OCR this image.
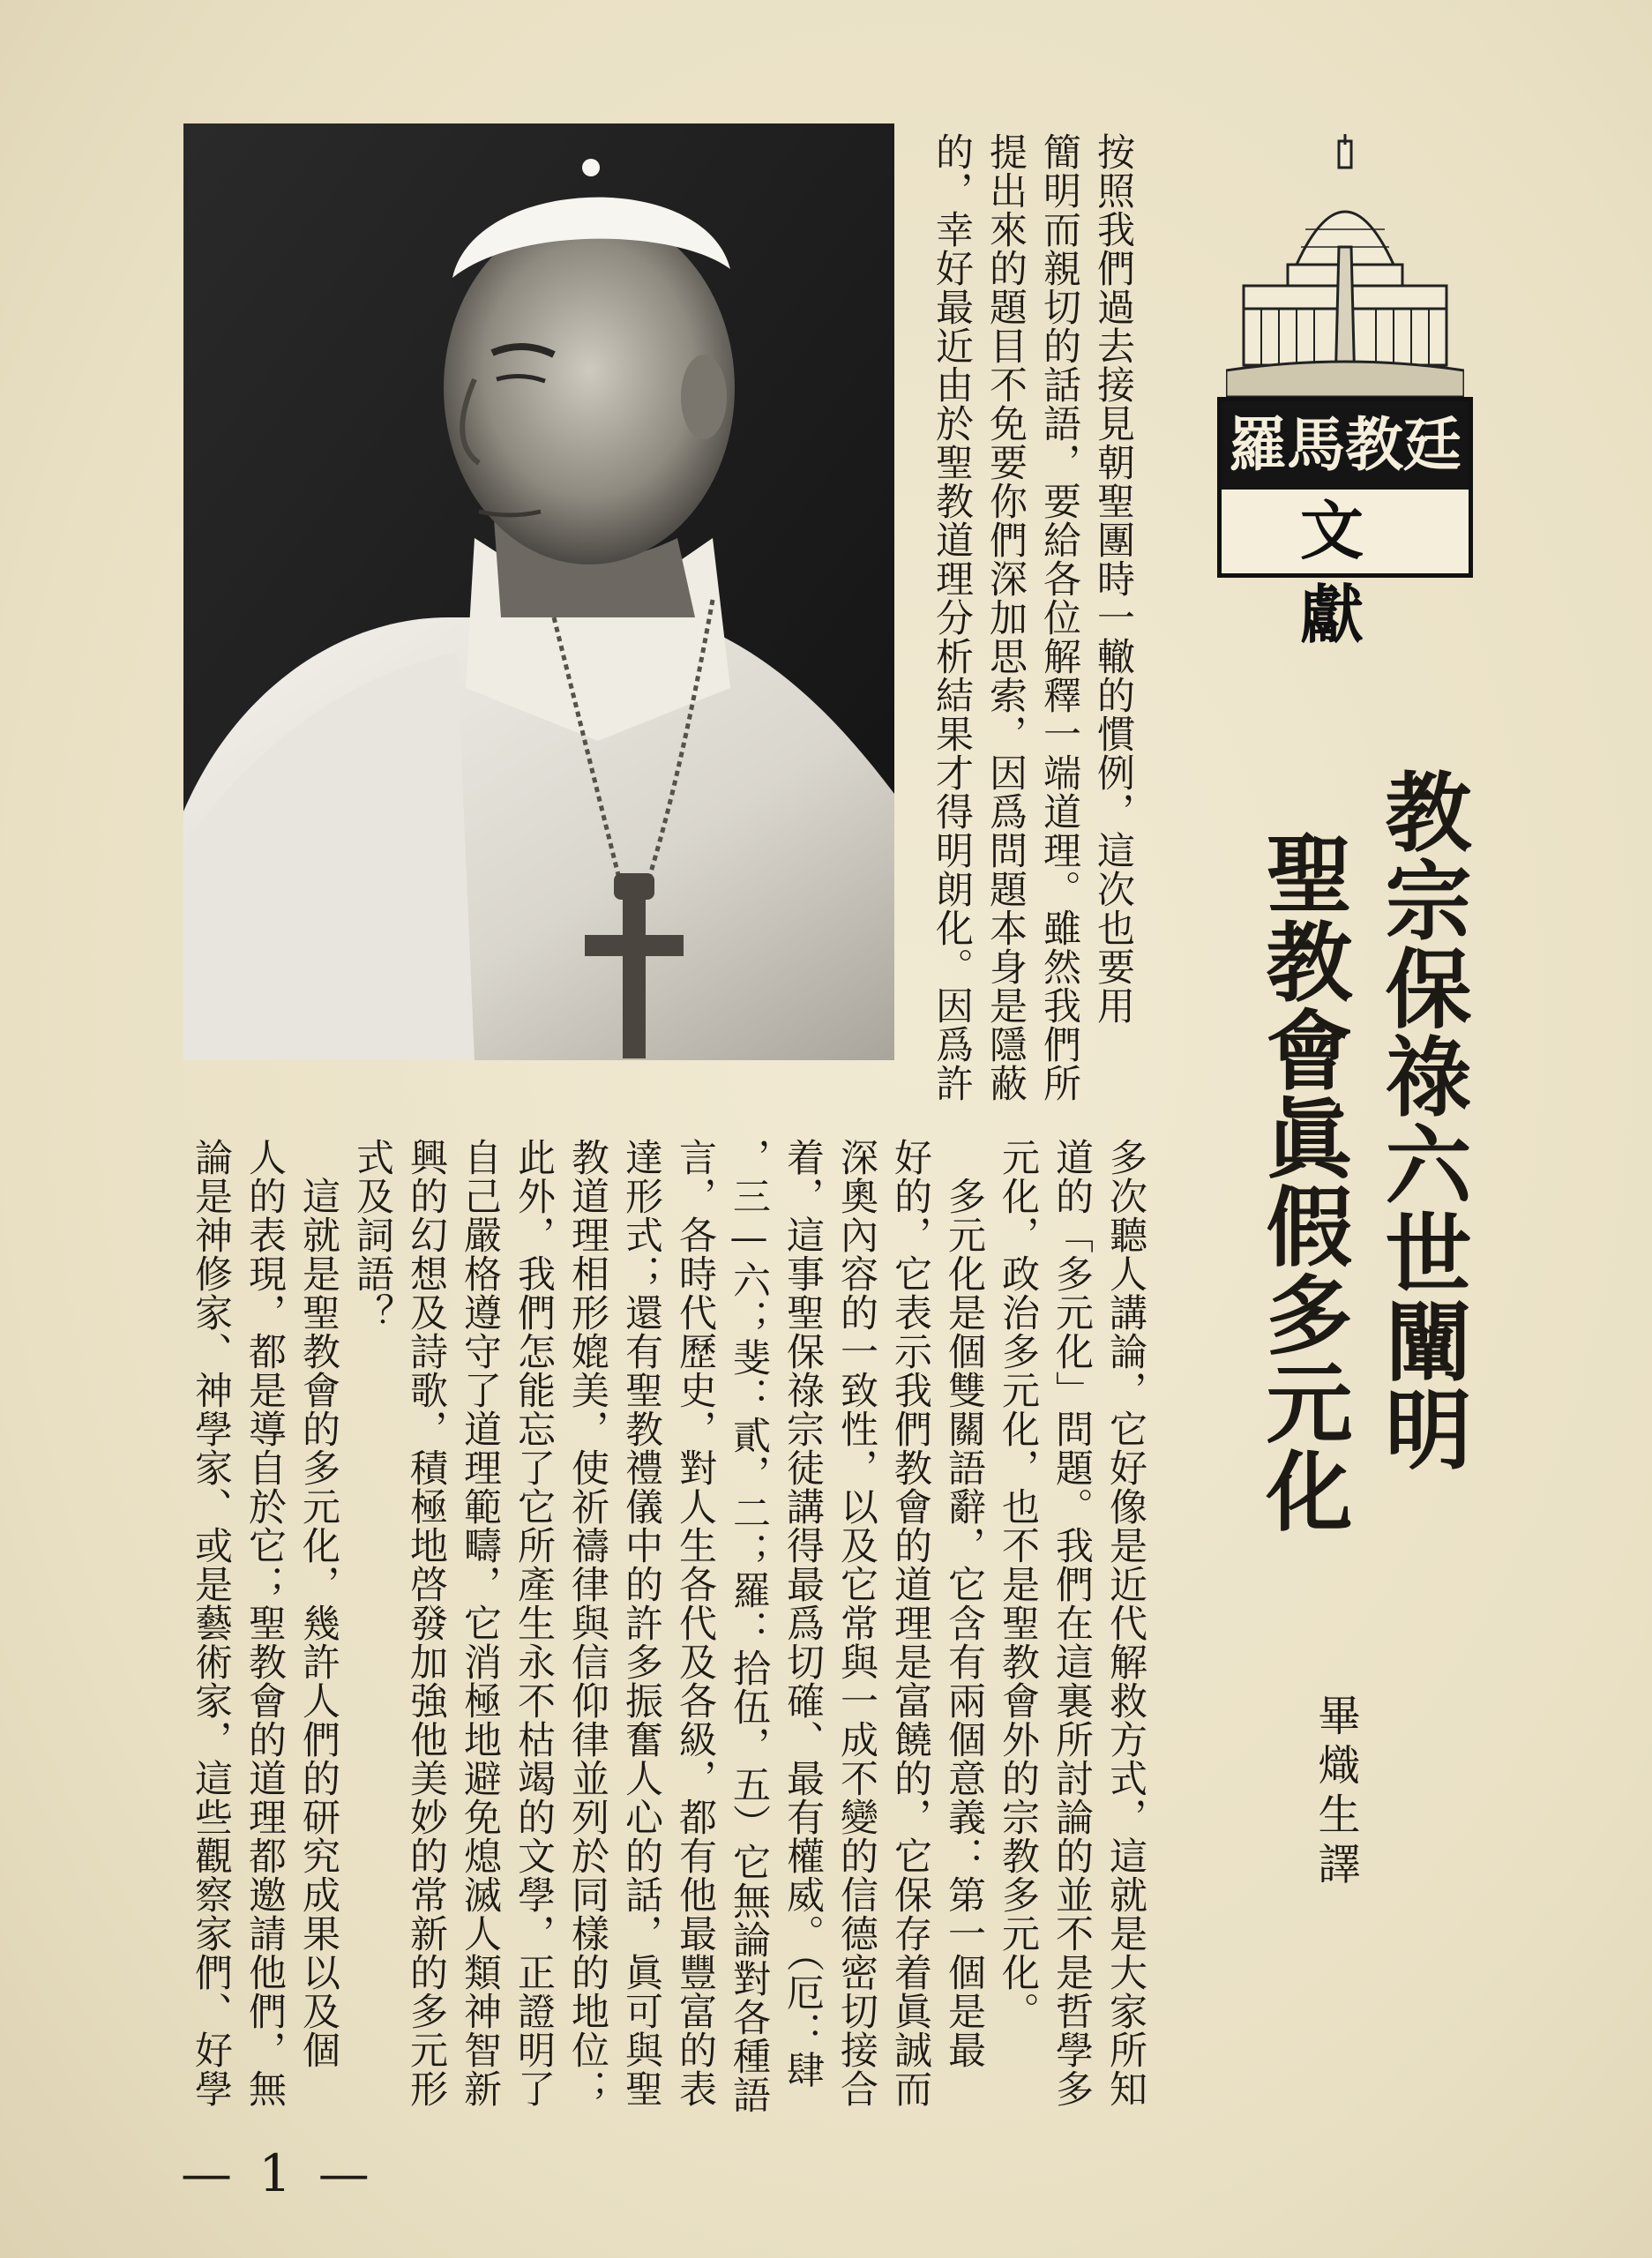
按照我們過去接見朝聖團時一轍的慣例，這次也要用
簡明而親切的話語，要給各位解釋一端道理。雖然我們所
提出來的題目不免要你們深加思索，因爲問題本身是隱蔽
的，幸好最近由於聖教道理分析結果才得明朗化。因爲許	羅馬教廷
文獻
教宗保祿六世闡明
聖教會眞假多元化
畢熾生譯
多次聽人講論，它好像是近代解救方式，這就是大家所知
道的「多元化」問題。我們在這裏所討論的並不是哲學多
元化，政治多元化，也不是聖教會外的宗教多元化。
　多元化是個雙關語辭，它含有兩個意義：第一個是最
好的，它表示我們教會的道理是富饒的，它保存着眞誠而
深奧內容的一致性，以及它常與一成不變的信德密切接合
着，這事聖保祿宗徒講得最爲切確、最有權威。（厄：肆
，三—六；斐：貳，二；羅：拾伍，五）它無論對各種語
言，各時代歷史，對人生各代及各級，都有他最豐富的表
達形式；還有聖教禮儀中的許多振奮人心的話，眞可與聖
教道理相形媲美，使祈禱律與信仰律並列於同樣的地位；
此外，我們怎能忘了它所產生永不枯竭的文學，正證明了
自己嚴格遵守了道理範疇，它消極地避免熄滅人類神智新
興的幻想及詩歌，積極地啓發加強他美妙的常新的多元形
式及詞語？
　這就是聖教會的多元化，幾許人們的研究成果以及個
人的表現，都是導自於它；聖教會的道理都邀請他們，無
論是神修家、神學家、或是藝術家，這些觀察家們、好學
— 1 —
